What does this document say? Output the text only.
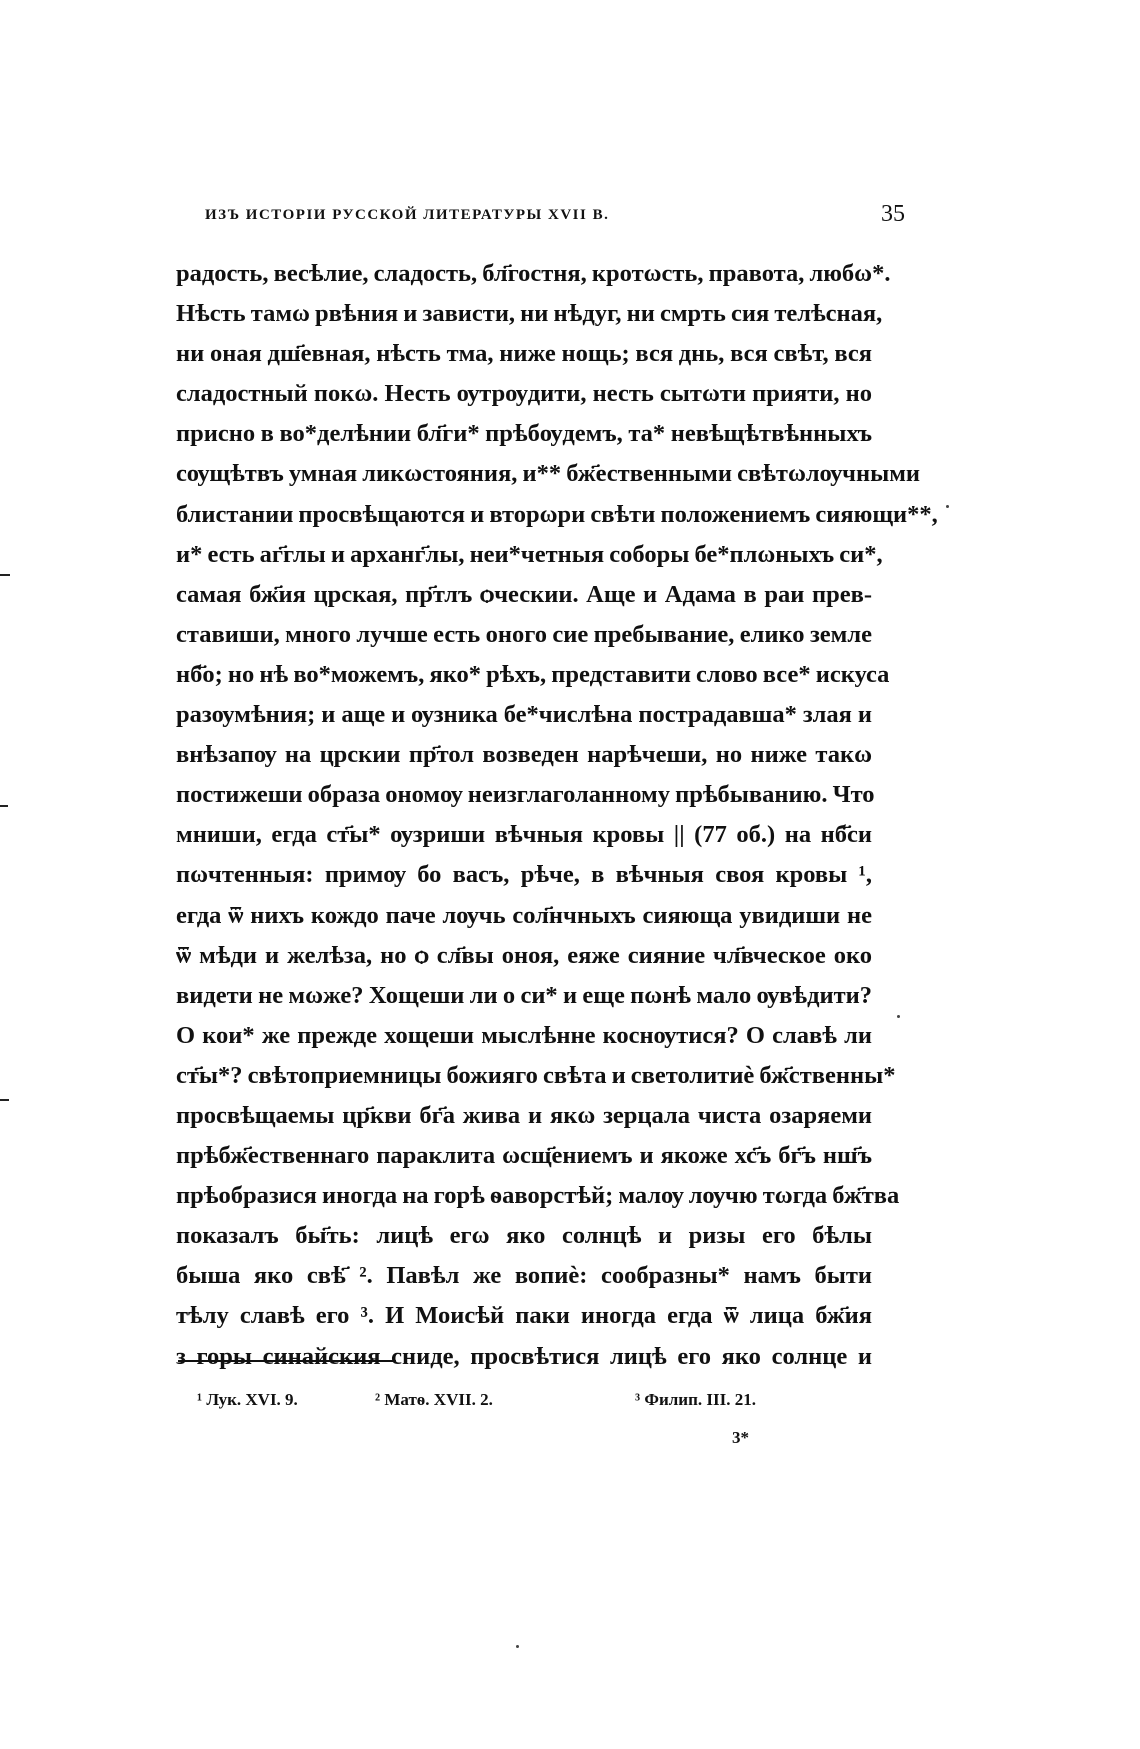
ИЗЪ ИСТОРІИ РУССКОЙ ЛИТЕРАТУРЫ XVII В.	35
радость, весѣлие, сладость, бл҃гостня, кротωсть, правота, любω*.
Нѣсть тамω рвѣния и зависти, ни нѣдуг, ни смрть сия телѣсная,
ни оная дш҃евная, нѣсть тма, ниже нощь; вся днь, вся свѣт, вся
сладостный покω. Несть ѹтрѹдити, несть сытωти прияти, но
присно в во*делѣнии бл҃ги* прѣбѹдемъ, та* невѣщѣтвѣнныхъ
сѹщѣтвъ умная ликωстояния, и** бж҃ественными свѣтωлѹчными
блистании просвѣщаются и вторωри свѣти положениемъ сияющи**,
и* есть аг҃глы и арханг҃лы, неи*четныя соборы бе*плωныхъ си*,
самая бж҃ия црская, пр҃тлъ ѻческии. Аще и Адама в раи прев-
ставиши, много лучше есть оного сие пребывание, елико земле
нб҃о; но нѣ во*можемъ, яко* рѣхъ, представити слово все* искуса
разѹмѣния; и аще и ѹзника бе*числѣна пострадавша* злая и
внѣзапѹ на црскии пр҃тол возведен нарѣчеши, но ниже такω
постижеши образа ономѹ неизглаголанному прѣбыванию. Что
мниши, егда ст҃ы* ѹзриши вѣчныя кровы || (77 об.) на нб҃си
пωчтенныя: примѹ бо васъ, рѣче, в вѣчныя своя кровы ¹,
егда ѿ нихъ кождо паче лѹчь сол҃нчныхъ сияюща увидиши не
ѿ мѣди и желѣза, но ѻ сл҃вы оноя, еяже сияние чл҃вческое око
видети не мωже? Хощеши ли о си* и еще пωнѣ мало ѹвѣдити?
О кои* же прежде хощеши мыслѣнне коснѹтися? О славѣ ли
ст҃ы*? свѣтоприемницы божияго свѣта и светолитиѐ бж҃ственны*
просвѣщаемы цр҃кви бг҃а жива и якω зерцала чиста озаряеми
прѣбж҃ественнаго параклита ωсщ҃ениемъ и якоже хс҃ъ бг҃ъ нш҃ъ
прѣобразися иногда на горѣ ѳаворстѣй; малѹ лѹчю тωгда бж҃тва
показалъ бы҃ть: лицѣ егω яко солнцѣ и ризы его бѣлы
быша яко свѣ҃ ². Павѣл же вопиѐ: сообразны* намъ быти
тѣлу славѣ его ³. И Моисѣй паки иногда егда ѿ лица бж҃ия
з горы синайския сниде, просвѣтися лицѣ его яко солнце и
¹ Лук. XVI. 9.	² Матѳ. XVII. 2.	³ Филип. III. 21.
3*
